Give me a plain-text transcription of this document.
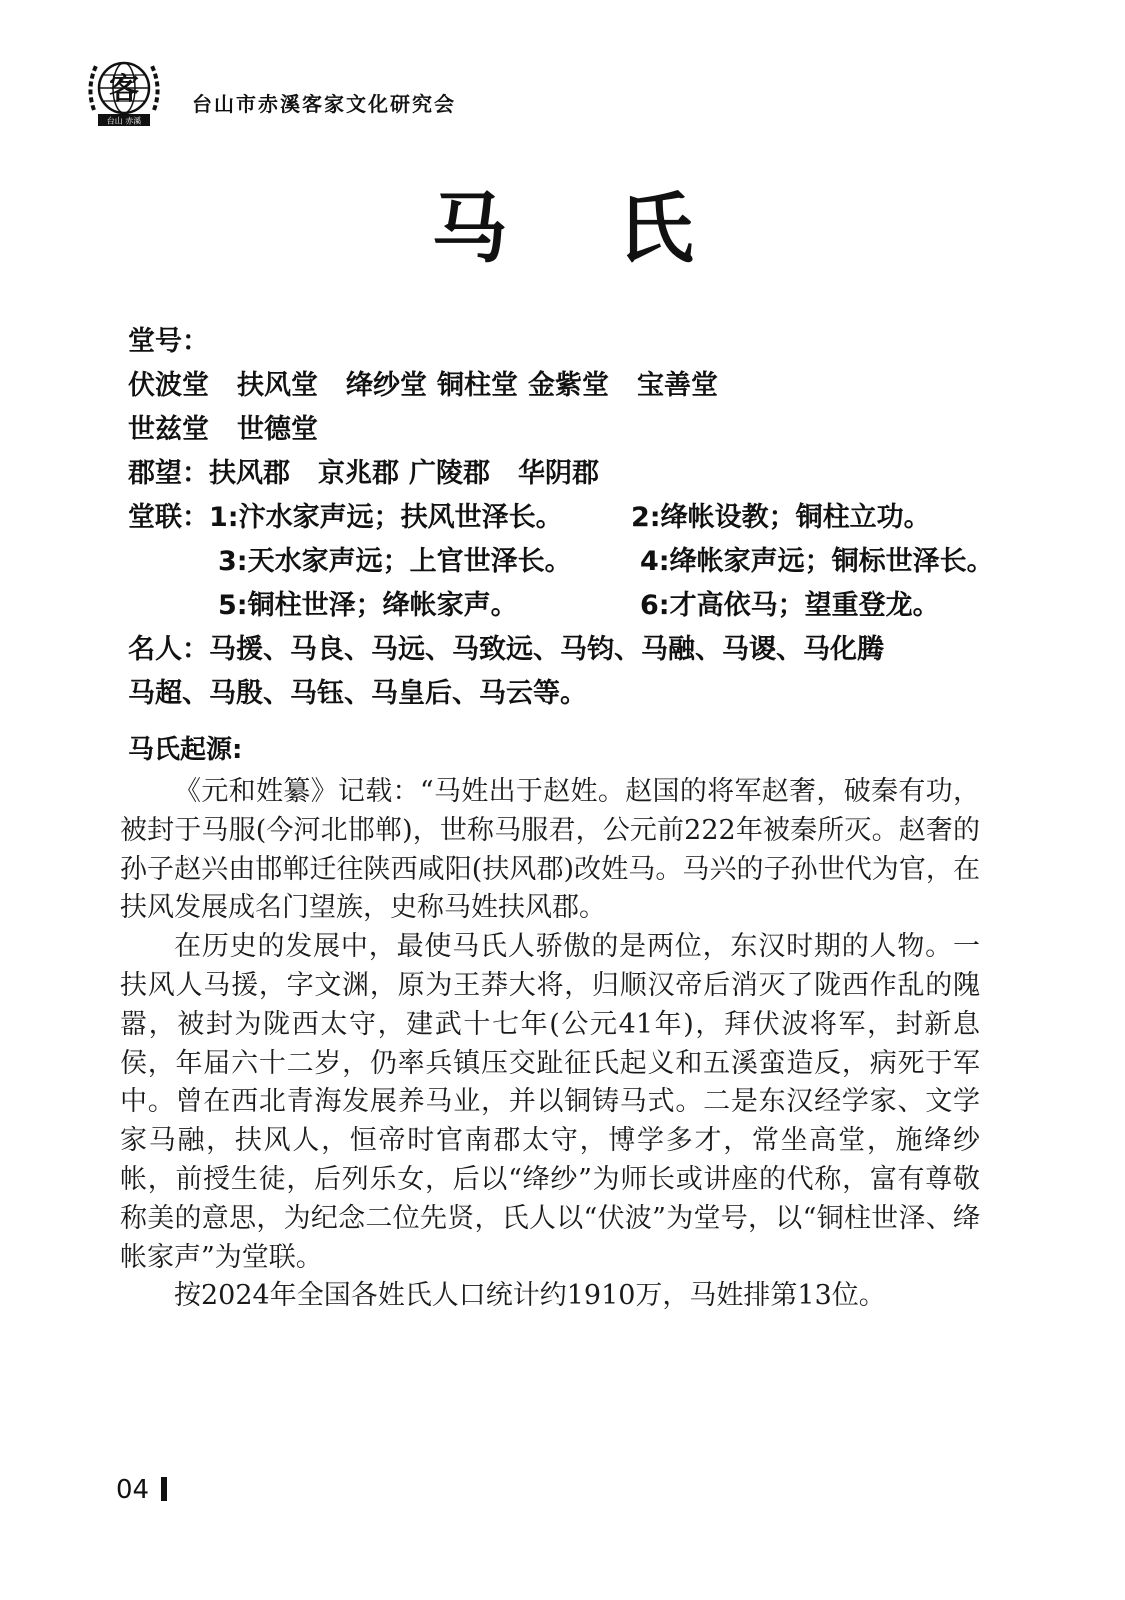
客
台山 赤溪
台山市赤溪客家文化研究会
马氏
堂号：
伏波堂 扶风堂 绛纱堂 铜柱堂 金紫堂 宝善堂
世兹堂 世德堂
郡望：扶风郡 京兆郡 广陵郡 华阴郡
堂联：1:汴水家声远；扶风世泽长。	2:绛帐设教；铜柱立功。
3:天水家声远；上官世泽长。	4:绛帐家声远；铜标世泽长。
5:铜柱世泽；绛帐家声。	6:才高依马；望重登龙。
名人：马援、马良、马远、马致远、马钧、马融、马谡、马化腾
马超、马殷、马钰、马皇后、马云等。
马氏起源:

《元和姓纂》记载：“马姓出于赵姓。赵国的将军赵奢，破秦有功，被封于马服(今河北邯郸)，世称马服君，公元前222年被秦所灭。赵奢的孙子赵兴由邯郸迁往陕西咸阳(扶风郡)改姓马。马兴的子孙世代为官，在扶风发展成名门望族，史称马姓扶风郡。

在历史的发展中，最使马氏人骄傲的是两位，东汉时期的人物。一扶风人马援，字文渊，原为王莽大将，归顺汉帝后消灭了陇西作乱的隗嚣，被封为陇西太守，建武十七年(公元41年)，拜伏波将军，封新息侯，年届六十二岁，仍率兵镇压交趾征氏起义和五溪蛮造反，病死于军中。曾在西北青海发展养马业，并以铜铸马式。二是东汉经学家、文学家马融，扶风人，恒帝时官南郡太守，博学多才，常坐高堂，施绛纱帐，前授生徒，后列乐女，后以“绛纱”为师长或讲座的代称，富有尊敬称美的意思，为纪念二位先贤，氏人以“伏波”为堂号，以“铜柱世泽、绛帐家声”为堂联。

按2024年全国各姓氏人口统计约1910万，马姓排第13位。

04
